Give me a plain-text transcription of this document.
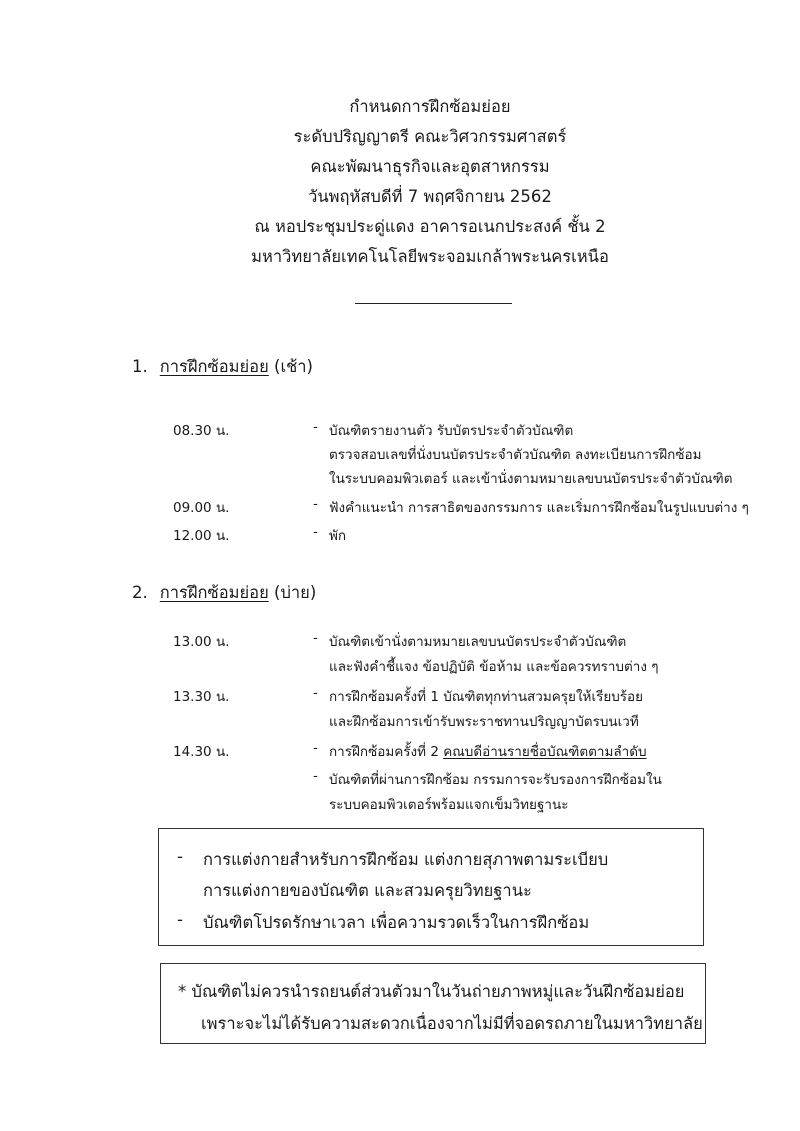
กำหนดการฝึกซ้อมย่อย
ระดับปริญญาตรี คณะวิศวกรรมศาสตร์
คณะพัฒนาธุรกิจและอุตสาหกรรม
วันพฤหัสบดีที่ 7 พฤศจิกายน 2562
ณ หอประชุมประดู่แดง อาคารอเนกประสงค์ ชั้น 2
มหาวิทยาลัยเทคโนโลยีพระจอมเกล้าพระนครเหนือ
1. การฝึกซ้อมย่อย (เช้า)
08.30 น.	- บัณฑิตรายงานตัว รับบัตรประจำตัวบัณฑิต
ตรวจสอบเลขที่นั่งบนบัตรประจำตัวบัณฑิต ลงทะเบียนการฝึกซ้อม
ในระบบคอมพิวเตอร์ และเข้านั่งตามหมายเลขบนบัตรประจำตัวบัณฑิต
09.00 น.	- ฟังคำแนะนำ การสาธิตของกรรมการ และเริ่มการฝึกซ้อมในรูปแบบต่าง ๆ
12.00 น.	- พัก
2. การฝึกซ้อมย่อย (บ่าย)
13.00 น.	- บัณฑิตเข้านั่งตามหมายเลขบนบัตรประจำตัวบัณฑิต
และฟังคำชี้แจง ข้อปฏิบัติ ข้อห้าม และข้อควรทราบต่าง ๆ
13.30 น.	- การฝึกซ้อมครั้งที่ 1 บัณฑิตทุกท่านสวมครุยให้เรียบร้อย
และฝึกซ้อมการเข้ารับพระราชทานปริญญาบัตรบนเวที
14.30 น.	- การฝึกซ้อมครั้งที่ 2 คณบดีอ่านรายชื่อบัณฑิตตามลำดับ
- บัณฑิตที่ผ่านการฝึกซ้อม กรรมการจะรับรองการฝึกซ้อมใน
ระบบคอมพิวเตอร์พร้อมแจกเข็มวิทยฐานะ
- การแต่งกายสำหรับการฝึกซ้อม แต่งกายสุภาพตามระเบียบ
การแต่งกายของบัณฑิต และสวมครุยวิทยฐานะ
- บัณฑิตโปรดรักษาเวลา เพื่อความรวดเร็วในการฝึกซ้อม
* บัณฑิตไม่ควรนำรถยนต์ส่วนตัวมาในวันถ่ายภาพหมู่และวันฝึกซ้อมย่อย
เพราะจะไม่ได้รับความสะดวกเนื่องจากไม่มีที่จอดรถภายในมหาวิทยาลัย
